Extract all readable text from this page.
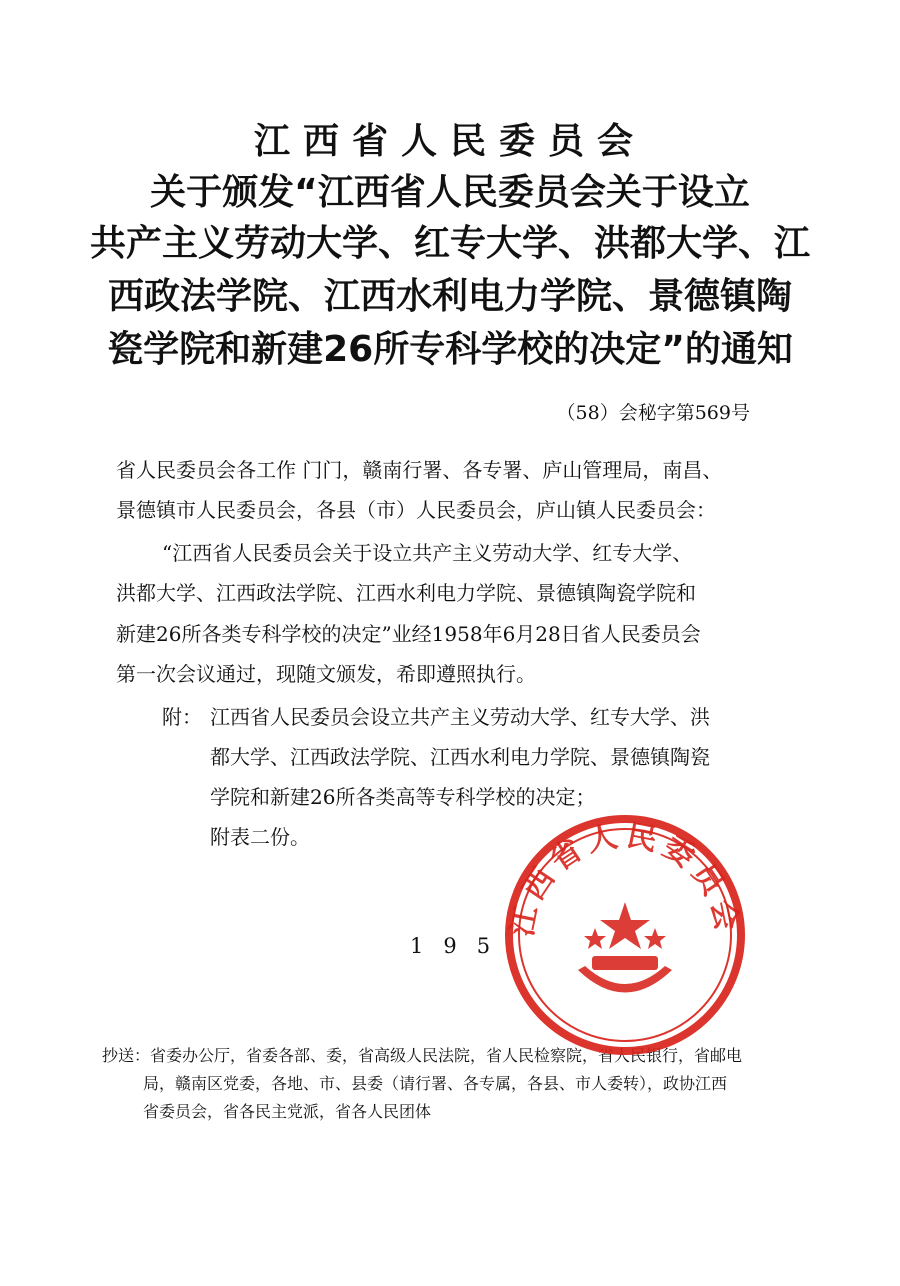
江西省人民委员会
关于颁发“江西省人民委员会关于设立
共产主义劳动大学、红专大学、洪都大学、江
西政法学院、江西水利电力学院、景德镇陶
瓷学院和新建26所专科学校的决定”的通知
（58）会秘字第569号
省人民委员会各工作 门门，赣南行署、各专署、庐山管理局，南昌、
景德镇市人民委员会，各县（市）人民委员会，庐山镇人民委员会：
“江西省人民委员会关于设立共产主义劳动大学、红专大学、
洪都大学、江西政法学院、江西水利电力学院、景德镇陶瓷学院和
新建26所各类专科学校的决定”业经1958年6月28日省人民委员会
第一次会议通过，现随文颁发，希即遵照执行。
附： 江西省人民委员会设立共产主义劳动大学、红专大学、洪
都大学、江西政法学院、江西水利电力学院、景德镇陶瓷
学院和新建26所各类高等专科学校的决定；
附表二份。
195
抄送：省委办公厅，省委各部、委，省高级人民法院，省人民检察院，省人民银行，省邮电
局，赣南区党委，各地、市、县委（请行署、各专属，各县、市人委转），政协江西
省委员会，省各民主党派，省各人民团体
江西省人民委员会
